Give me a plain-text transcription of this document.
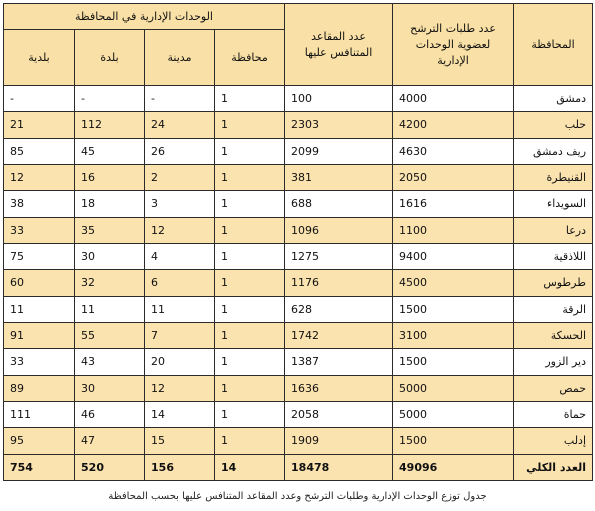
المحافظة	عدد طلبات الترشح لعضوية الوحدات الإدارية	عدد المقاعد المتنافس عليها	الوحدات الإدارية في المحافظة			
			محافظة	مدينة	بلدة	بلدية
دمشق	4000	100	1	-	-	-
حلب	4200	2303	1	24	112	21
ريف دمشق	4630	2099	1	26	45	85
القنيطرة	2050	381	1	2	16	12
السويداء	1616	688	1	3	18	38
درعا	1100	1096	1	12	35	33
اللاذقية	9400	1275	1	4	30	75
طرطوس	4500	1176	1	6	32	60
الرقة	1500	628	1	11	11	11
الحسكة	3100	1742	1	7	55	91
دير الزور	1500	1387	1	20	43	33
حمص	5000	1636	1	12	30	89
حماة	5000	2058	1	14	46	111
إدلب	1500	1909	1	15	47	95
العدد الكلي	49096	18478	14	156	520	754
جدول توزع الوحدات الإدارية وطلبات الترشح وعدد المقاعد المتنافس عليها بحسب المحافظة
